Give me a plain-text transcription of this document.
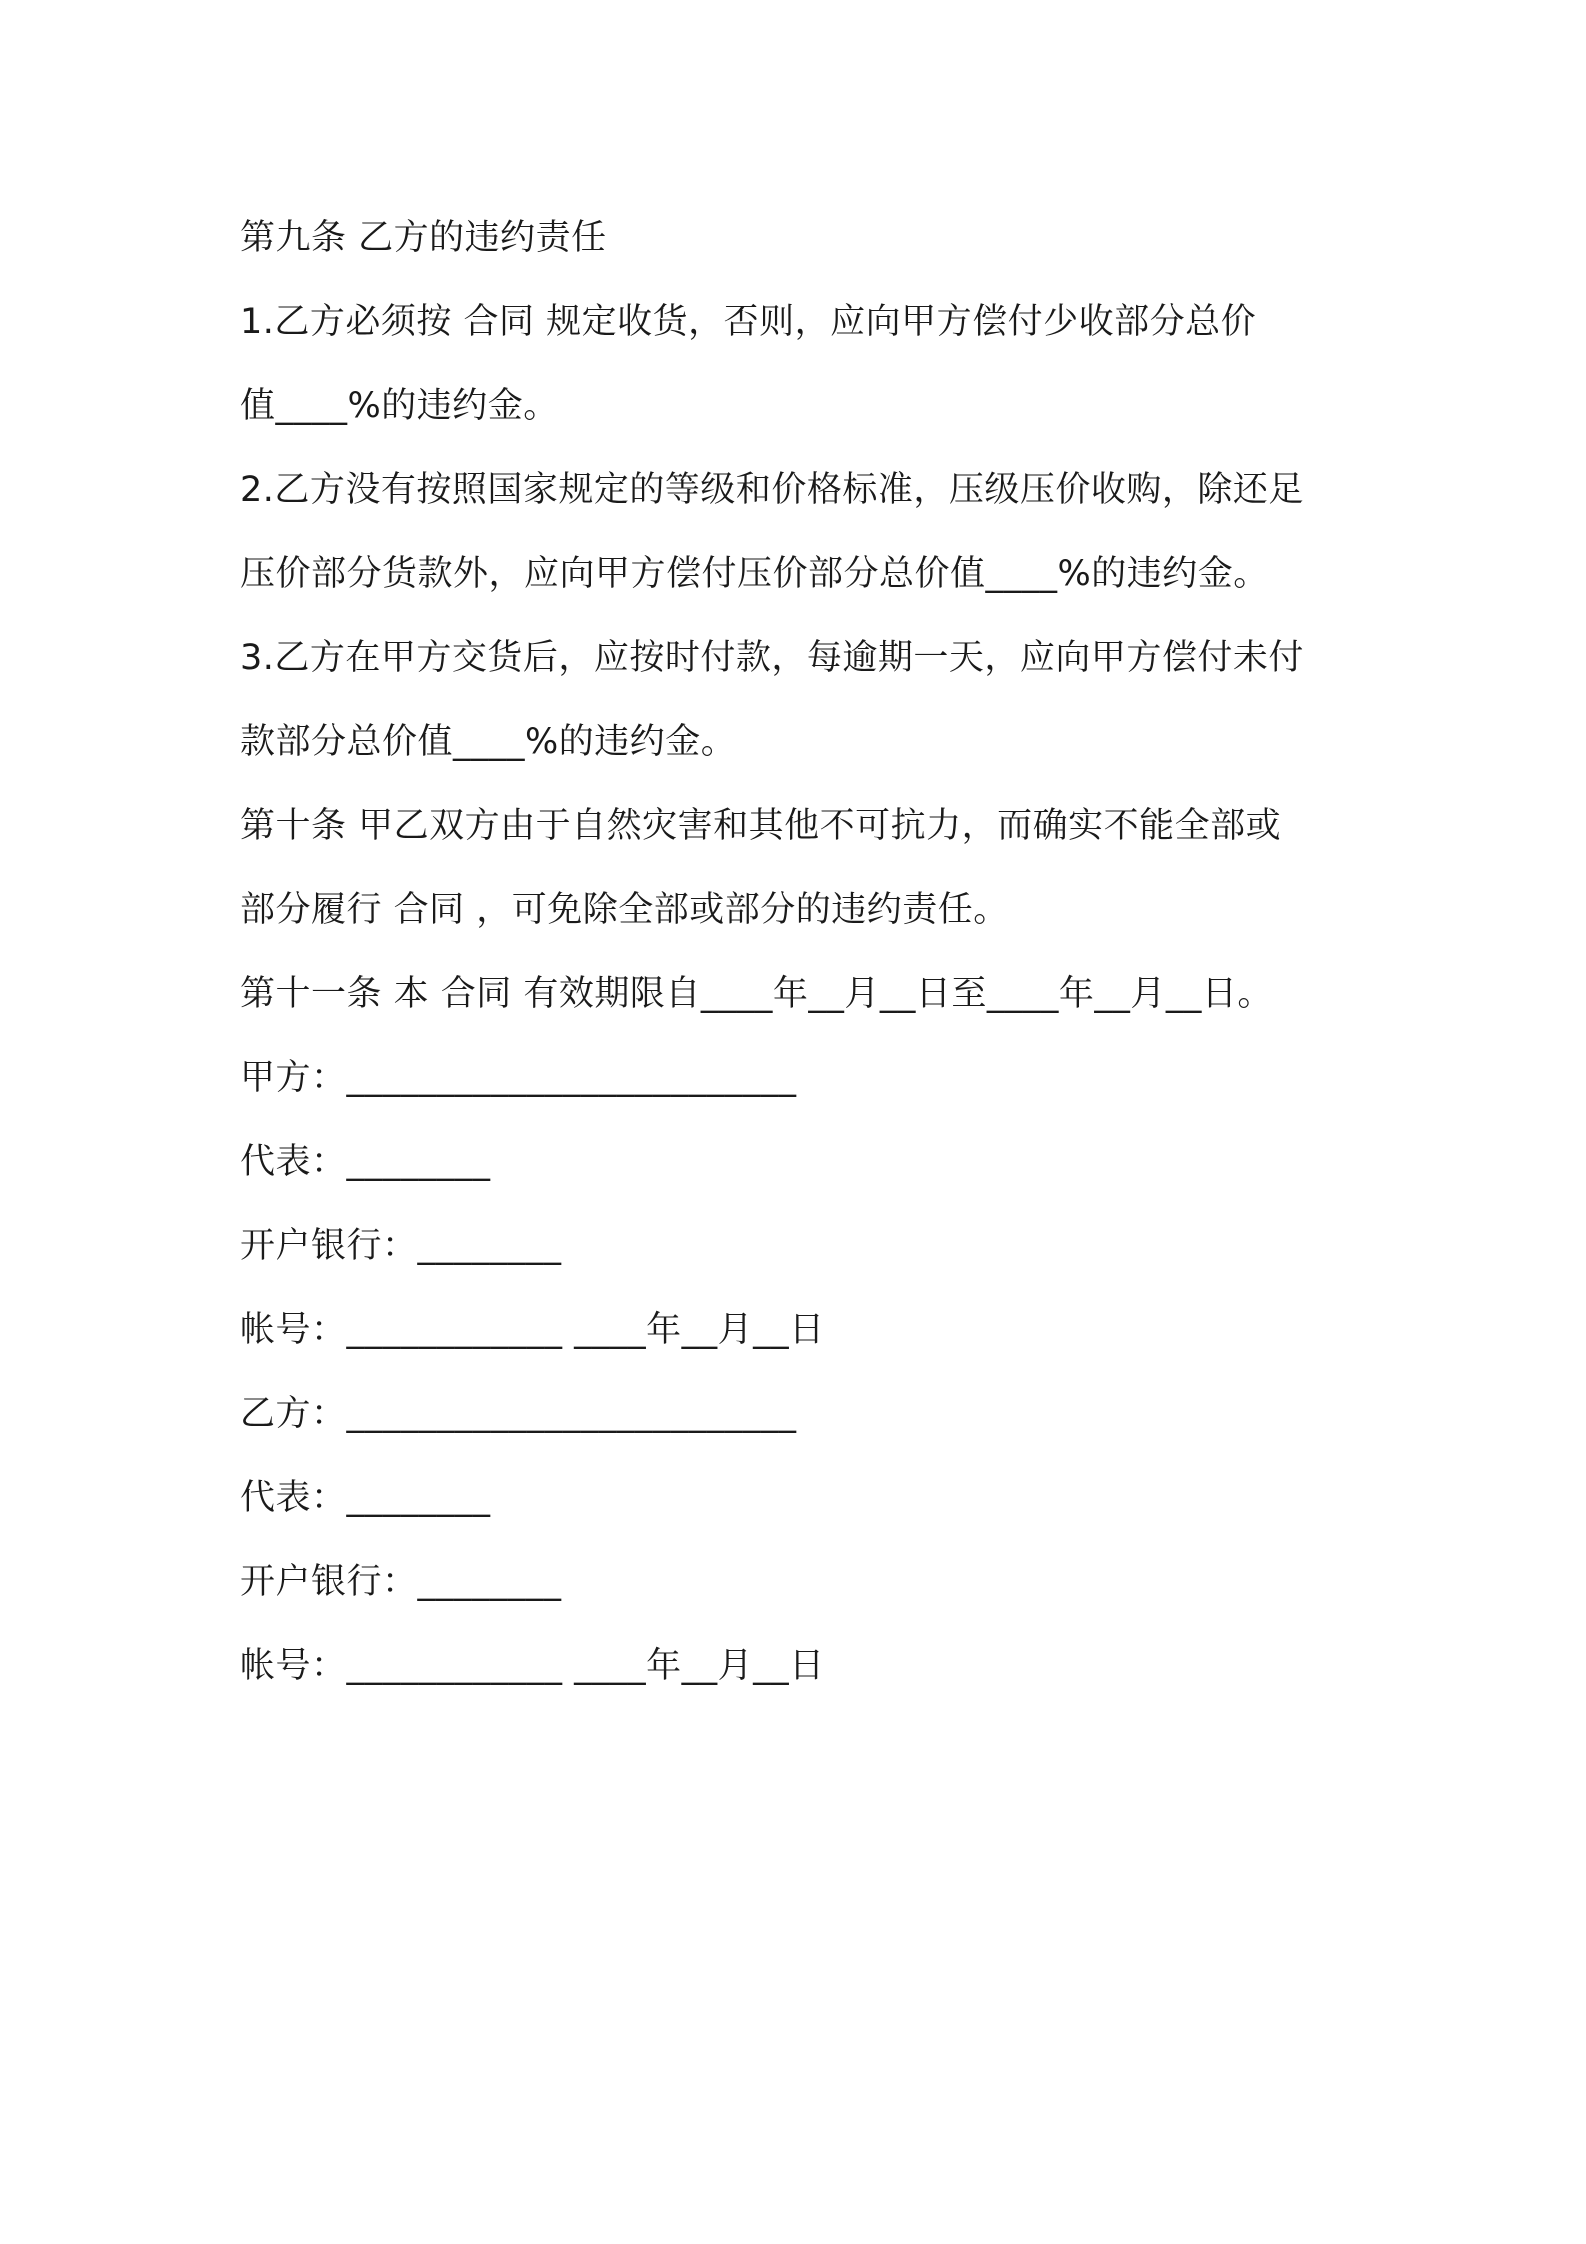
第九条 乙方的违约责任
1.乙方必须按 合同 规定收货，否则，应向甲方偿付少收部分总价
值____%的违约金。
2.乙方没有按照国家规定的等级和价格标准，压级压价收购，除还足
压价部分货款外，应向甲方偿付压价部分总价值____%的违约金。
3.乙方在甲方交货后，应按时付款，每逾期一天，应向甲方偿付未付
款部分总价值____%的违约金。
第十条 甲乙双方由于自然灾害和其他不可抗力，而确实不能全部或
部分履行 合同 ，可免除全部或部分的违约责任。
第十一条 本 合同 有效期限自____年__月__日至____年__月__日。
甲方：_________________________
代表：________
开户银行：________
帐号：____________ ____年__月__日
乙方：_________________________
代表：________
开户银行：________
帐号：____________ ____年__月__日
